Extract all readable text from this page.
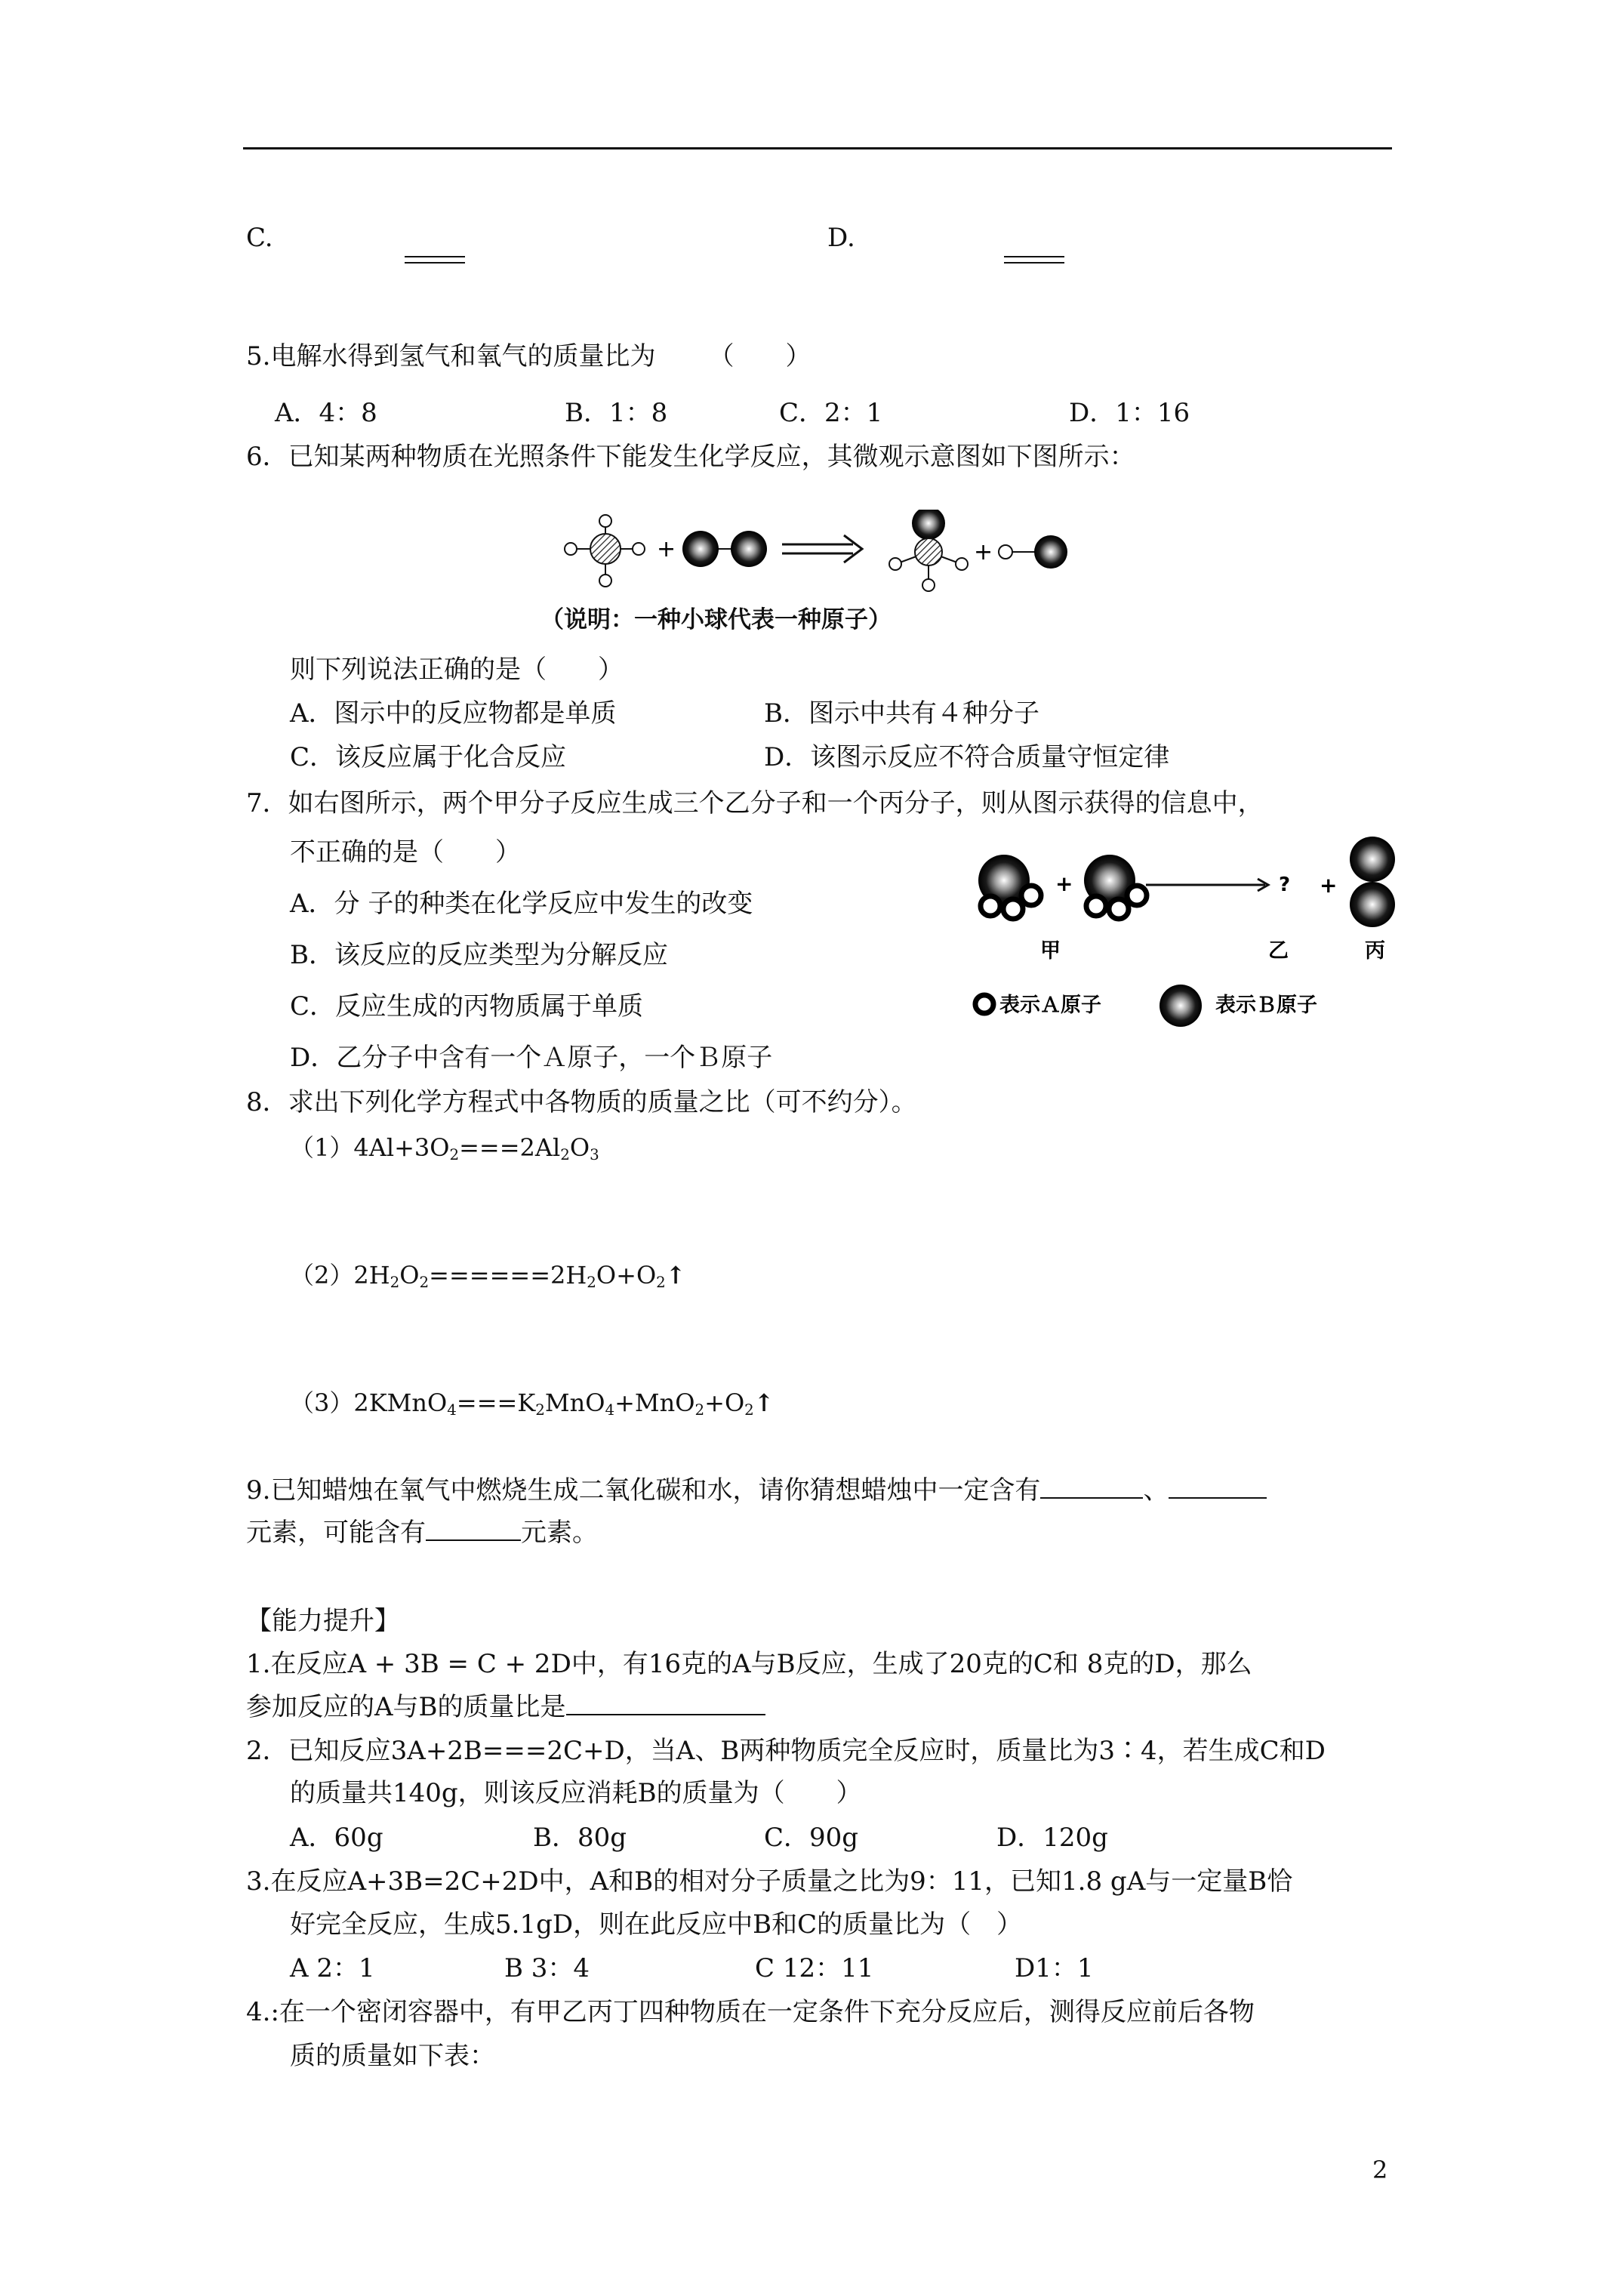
C.	D.
5.电解水得到氢气和氧气的质量比为 （　　）
A．4：8	B．1：8	C．2：1	D．1：16
6．已知某两种物质在光照条件下能发生化学反应，其微观示意图如下图所示：
+	+
（说明：一种小球代表一种原子）
则下列说法正确的是（　　）
A．图示中的反应物都是单质	B．图示中共有４种分子
C．该反应属于化合反应	D．该图示反应不符合质量守恒定律
7．如右图所示，两个甲分子反应生成三个乙分子和一个丙分子，则从图示获得的信息中，
不正确的是（　　）
A．分 子的种类在化学反应中发生的改变
B．该反应的反应类型为分解反应
C．反应生成的丙物质属于单质
D．乙分子中含有一个Ａ原子，一个Ｂ原子
+	? +
甲	乙	丙
表示Ａ原子	表示Ｂ原子
8．求出下列化学方程式中各物质的质量之比（可不约分）。
$(1)4Al+3O_2===2Al_2O_3$
$(2)2H_2O_2======2H_2O+O_2↑$
$(3)2KMnO_4===K_2MnO_4+MnO_2+O_2↑$
9.已知蜡烛在氧气中燃烧生成二氧化碳和水，请你猜想蜡烛中一定含有	、
元素，可能含有	元素。
【能力提升】
1.在反应A + 3B = C + 2D中，有16克的A与B反应，生成了20克的C和 8克的D，那么
参加反应的A与B的质量比是
2．已知反应3A+2B===2C+D，当A、B两种物质完全反应时，质量比为3∶4，若生成C和D
的质量共140g，则该反应消耗B的质量为（　　）
A．60g	B．80g	C．90g	D．120g
3.在反应A+3B=2C+2D中，A和B的相对分子质量之比为9：11，已知1.8 gA与一定量B恰
好完全反应，生成5.1gD，则在此反应中B和C的质量比为（　）
A 2：1	B 3：4	C 12：11	D1：1
4.:在一个密闭容器中，有甲乙丙丁四种物质在一定条件下充分反应后，测得反应前后各物
质的质量如下表：
2
